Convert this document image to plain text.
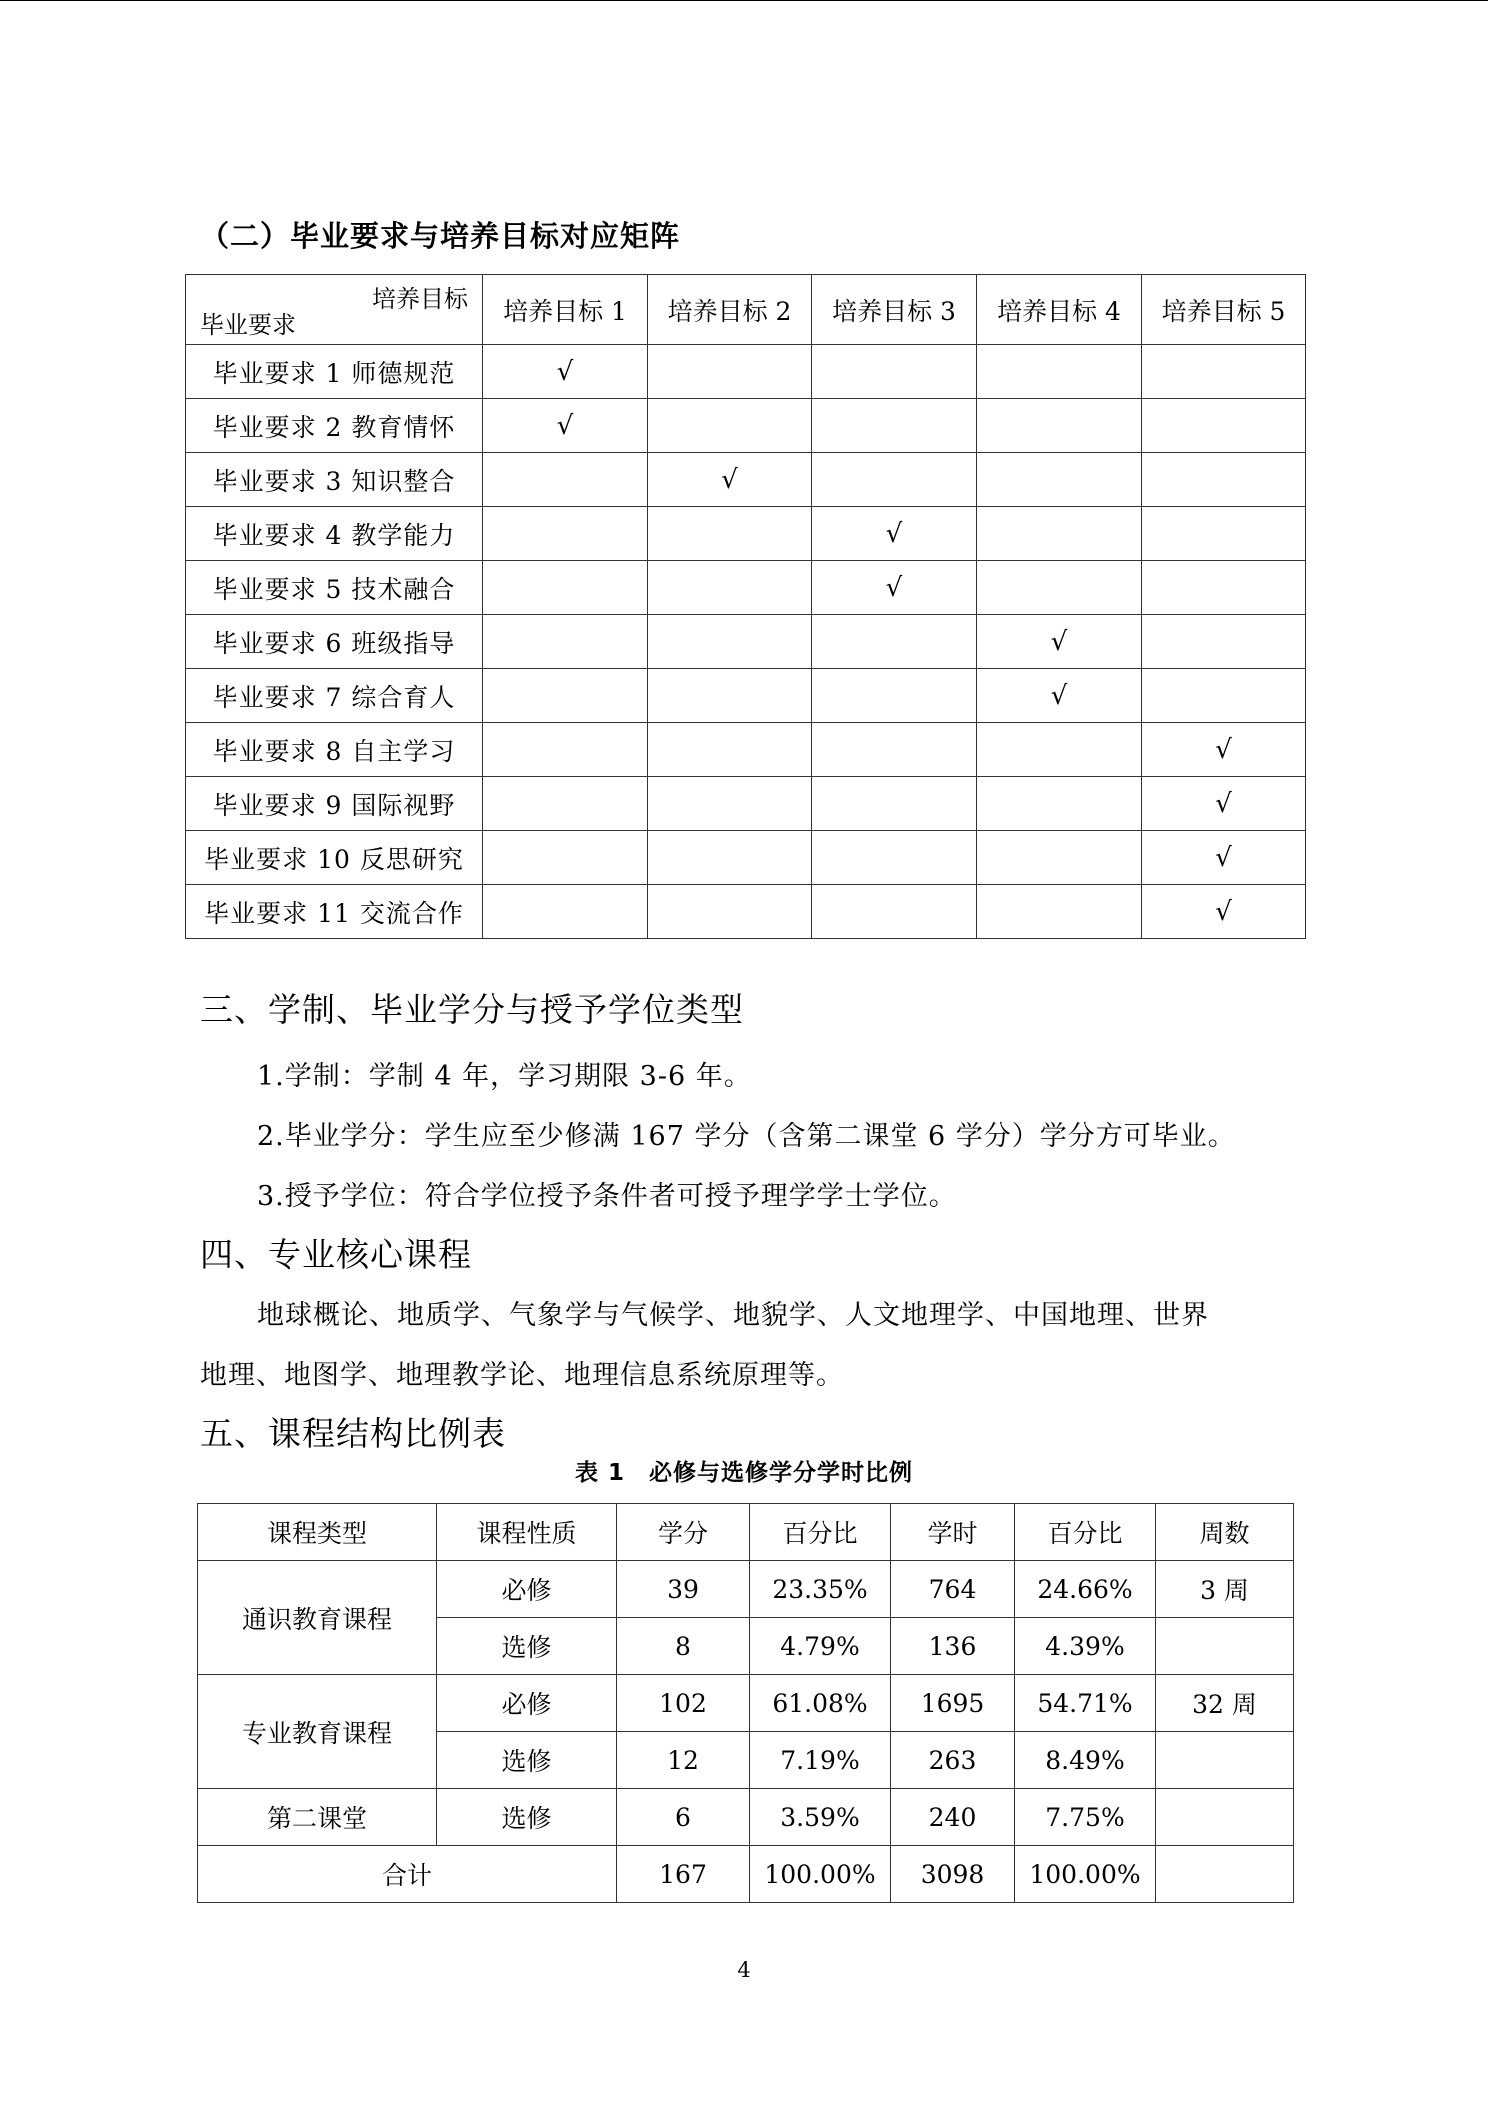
（二）毕业要求与培养目标对应矩阵
培养目标
毕业要求	培养目标 1	培养目标 2	培养目标 3	培养目标 4	培养目标 5
毕业要求 1 师德规范	√				
毕业要求 2 教育情怀	√				
毕业要求 3 知识整合		√			
毕业要求 4 教学能力			√		
毕业要求 5 技术融合			√		
毕业要求 6 班级指导				√	
毕业要求 7 综合育人				√	
毕业要求 8 自主学习					√
毕业要求 9 国际视野					√
毕业要求 10 反思研究					√
毕业要求 11 交流合作					√
三、学制、毕业学分与授予学位类型
1.学制：学制 4 年，学习期限 3-6 年。
2.毕业学分：学生应至少修满 167 学分（含第二课堂 6 学分）学分方可毕业。
3.授予学位：符合学位授予条件者可授予理学学士学位。
四、专业核心课程
地球概论、地质学、气象学与气候学、地貌学、人文地理学、中国地理、世界
地理、地图学、地理教学论、地理信息系统原理等。
五、课程结构比例表
表 1　必修与选修学分学时比例
课程类型	课程性质	学分	百分比	学时	百分比	周数
通识教育课程	必修	39	23.35%	764	24.66%	3 周
	选修	8	4.79%	136	4.39%	
专业教育课程	必修	102	61.08%	1695	54.71%	32 周
	选修	12	7.19%	263	8.49%	
第二课堂	选修	6	3.59%	240	7.75%	
合计		167	100.00%	3098	100.00%	
4
